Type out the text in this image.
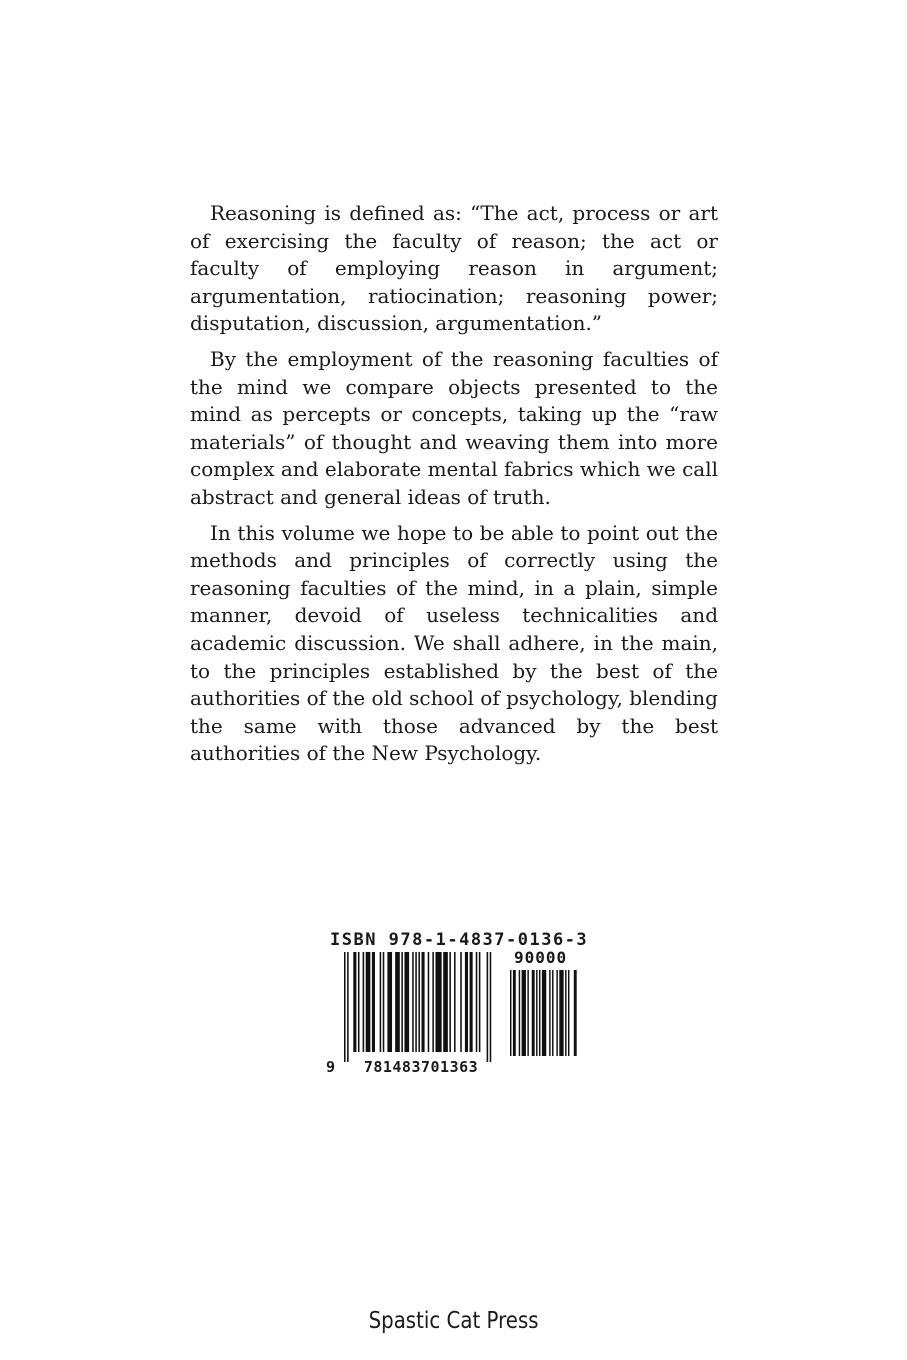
Reasoning is defined as: “The act, process or art of exercising the faculty of reason; the act or faculty of employing reason in argument; argumentation, ratiocination; reasoning power; disputation, discussion, argumentation.”

By the employment of the reasoning faculties of the mind we compare objects presented to the mind as percepts or concepts, taking up the “raw materials” of thought and weaving them into more complex and elaborate mental fabrics which we call abstract and general ideas of truth.

In this volume we hope to be able to point out the methods and principles of correctly using the reasoning faculties of the mind, in a plain, simple manner, devoid of useless technicalities and academic discussion. We shall adhere, in the main, to the principles established by the best of the authorities of the old school of psychology, blending the same with those advanced by the best authorities of the New Psychology.

ISBN 978-1-4837-0136-3
90000
9	781483701363
Spastic Cat Press
